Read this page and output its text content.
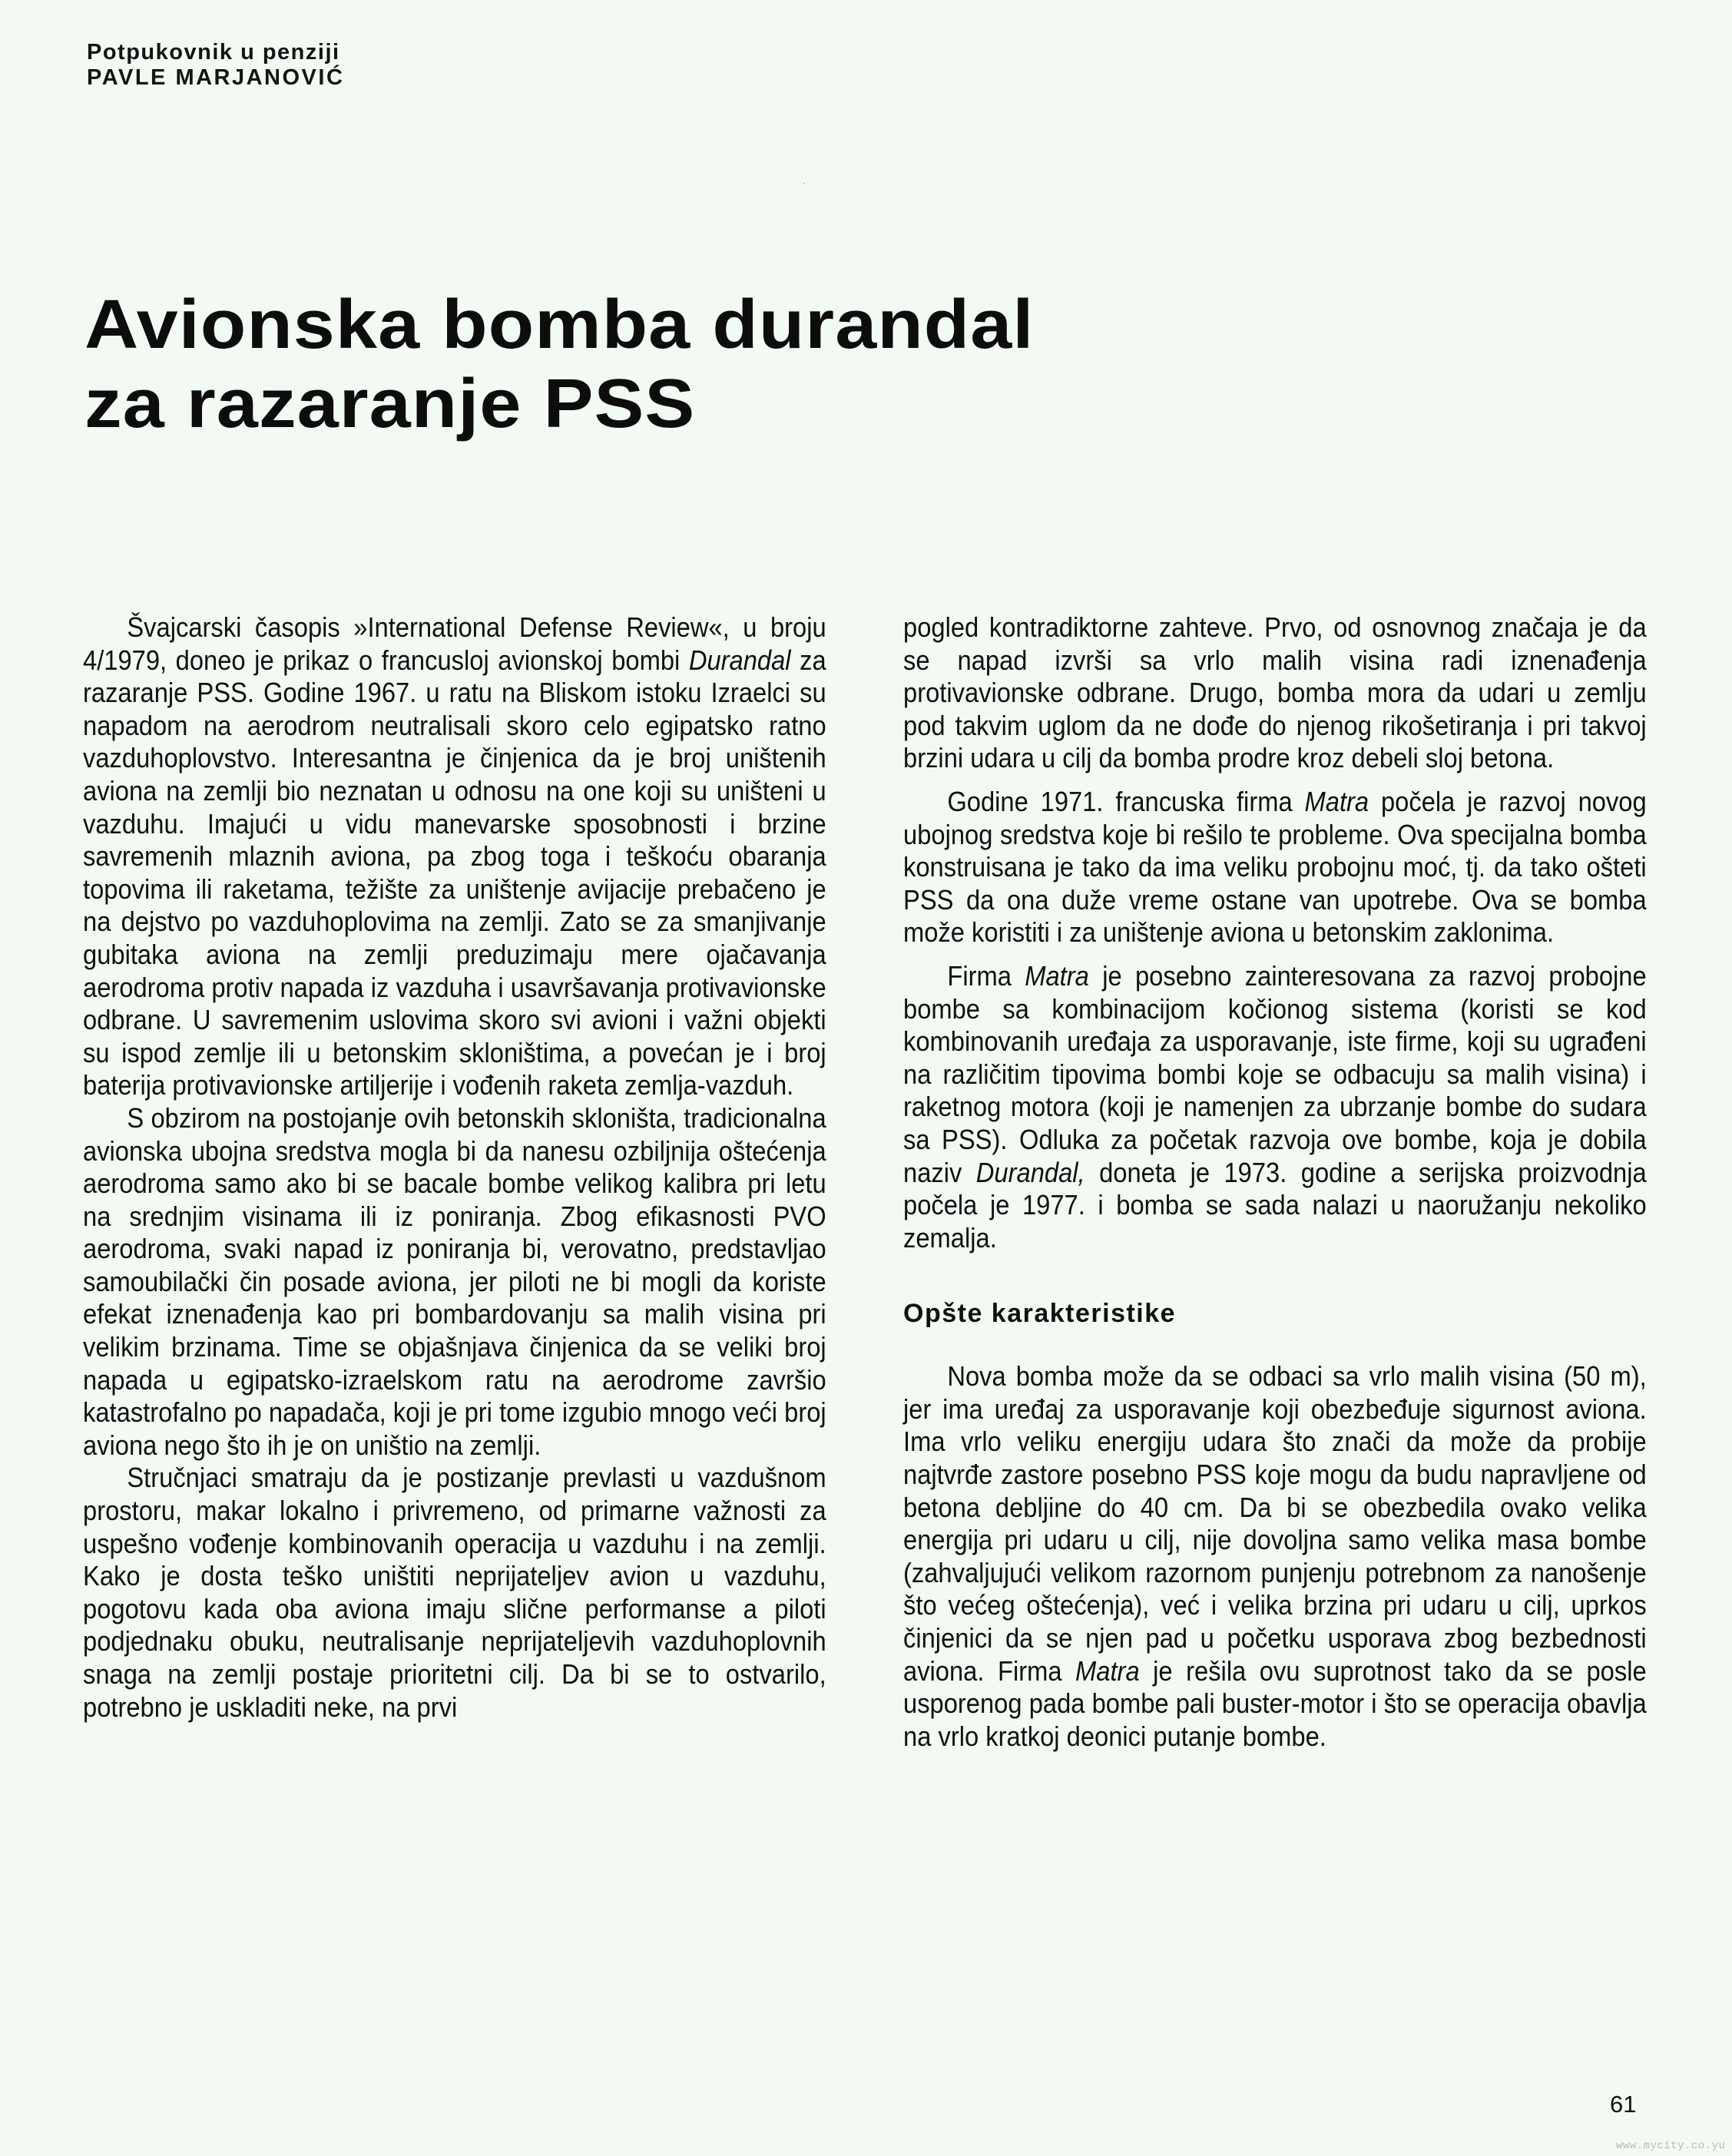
Potpukovnik u penziji
PAVLE MARJANOVIĆ
Avionska bomba durandal
za razaranje PSS

Švajcarski časopis »International Defense Review«, u broju 4/1979, doneo je prikaz o francusloj avionskoj bombi Durandal za razaranje PSS. Godine 1967. u ratu na Bliskom istoku Izraelci su napadom na aerodrom neutralisali skoro celo egipatsko ratno vazduhoplovstvo. Interesantna je činjenica da je broj uništenih aviona na zemlji bio neznatan u odnosu na one koji su uništeni u vazduhu. Imajući u vidu manevarske sposobnosti i brzine savremenih mlaznih aviona, pa zbog toga i teškoću obaranja topovima ili raketama, težište za uništenje avijacije prebačeno je na dejstvo po vazduhoplovima na zemlji. Zato se za smanjivanje gubitaka aviona na zemlji preduzimaju mere ojačavanja aerodroma protiv napada iz vazduha i usavršavanja protivavionske odbrane. U savremenim uslovima skoro svi avioni i važni objekti su ispod zemlje ili u betonskim skloništima, a povećan je i broj baterija protivavionske artiljerije i vođenih raketa zemlja-vazduh.

S obzirom na postojanje ovih betonskih skloništa, tradicionalna avionska ubojna sredstva mogla bi da nanesu ozbiljnija oštećenja aerodroma samo ako bi se bacale bombe velikog kalibra pri letu na srednjim visinama ili iz poniranja. Zbog efikasnosti PVO aerodroma, svaki napad iz poniranja bi, verovatno, predstavljao samoubilački čin posade aviona, jer piloti ne bi mogli da koriste efekat iznenađenja kao pri bombardovanju sa malih visina pri velikim brzinama. Time se objašnjava činjenica da se veliki broj napada u egipatsko-izraelskom ratu na aerodrome završio katastrofalno po napadača, koji je pri tome izgubio mnogo veći broj aviona nego što ih je on uništio na zemlji.

Stručnjaci smatraju da je postizanje prevlasti u vazdušnom prostoru, makar lokalno i privremeno, od primarne važnosti za uspešno vođenje kombinovanih operacija u vazduhu i na zemlji. Kako je dosta teško uništiti neprijateljev avion u vazduhu, pogotovu kada oba aviona imaju slične performanse a piloti podjednaku obuku, neutralisanje neprijateljevih vazduhoplovnih snaga na zemlji postaje prioritetni cilj. Da bi se to ostvarilo, potrebno je uskladiti neke, na prvi

pogled kontradiktorne zahteve. Prvo, od osnovnog značaja je da se napad izvrši sa vrlo malih visina radi iznenađenja protivavionske odbrane. Drugo, bomba mora da udari u zemlju pod takvim uglom da ne dođe do njenog rikošetiranja i pri takvoj brzini udara u cilj da bomba prodre kroz debeli sloj betona.

Godine 1971. francuska firma Matra počela je razvoj novog ubojnog sredstva koje bi rešilo te probleme. Ova specijalna bomba konstruisana je tako da ima veliku probojnu moć, tj. da tako ošteti PSS da ona duže vreme ostane van upotrebe. Ova se bomba može koristiti i za uništenje aviona u betonskim zaklonima.

Firma Matra je posebno zainteresovana za razvoj probojne bombe sa kombinacijom kočionog sistema (koristi se kod kombinovanih uređaja za usporavanje, iste firme, koji su ugrađeni na različitim tipovima bombi koje se odbacuju sa malih visina) i raketnog motora (koji je namenjen za ubrzanje bombe do sudara sa PSS). Odluka za početak razvoja ove bombe, koja je dobila naziv Durandal, doneta je 1973. godine a serijska proizvodnja počela je 1977. i bomba se sada nalazi u naoružanju nekoliko zemalja.

Opšte karakteristike

Nova bomba može da se odbaci sa vrlo malih visina (50 m), jer ima uređaj za usporavanje koji obezbeđuje sigurnost aviona. Ima vrlo veliku energiju udara što znači da može da probije najtvrđe zastore posebno PSS koje mogu da budu napravljene od betona debljine do 40 cm. Da bi se obezbedila ovako velika energija pri udaru u cilj, nije dovoljna samo velika masa bombe (zahvaljujući velikom razornom punjenju potrebnom za nanošenje što većeg oštećenja), već i velika brzina pri udaru u cilj, uprkos činjenici da se njen pad u početku usporava zbog bezbednosti aviona. Firma Matra je rešila ovu suprotnost tako da se posle usporenog pada bombe pali buster-motor i što se operacija obavlja na vrlo kratkoj deonici putanje bombe.

61
www.mycity.co.yu
